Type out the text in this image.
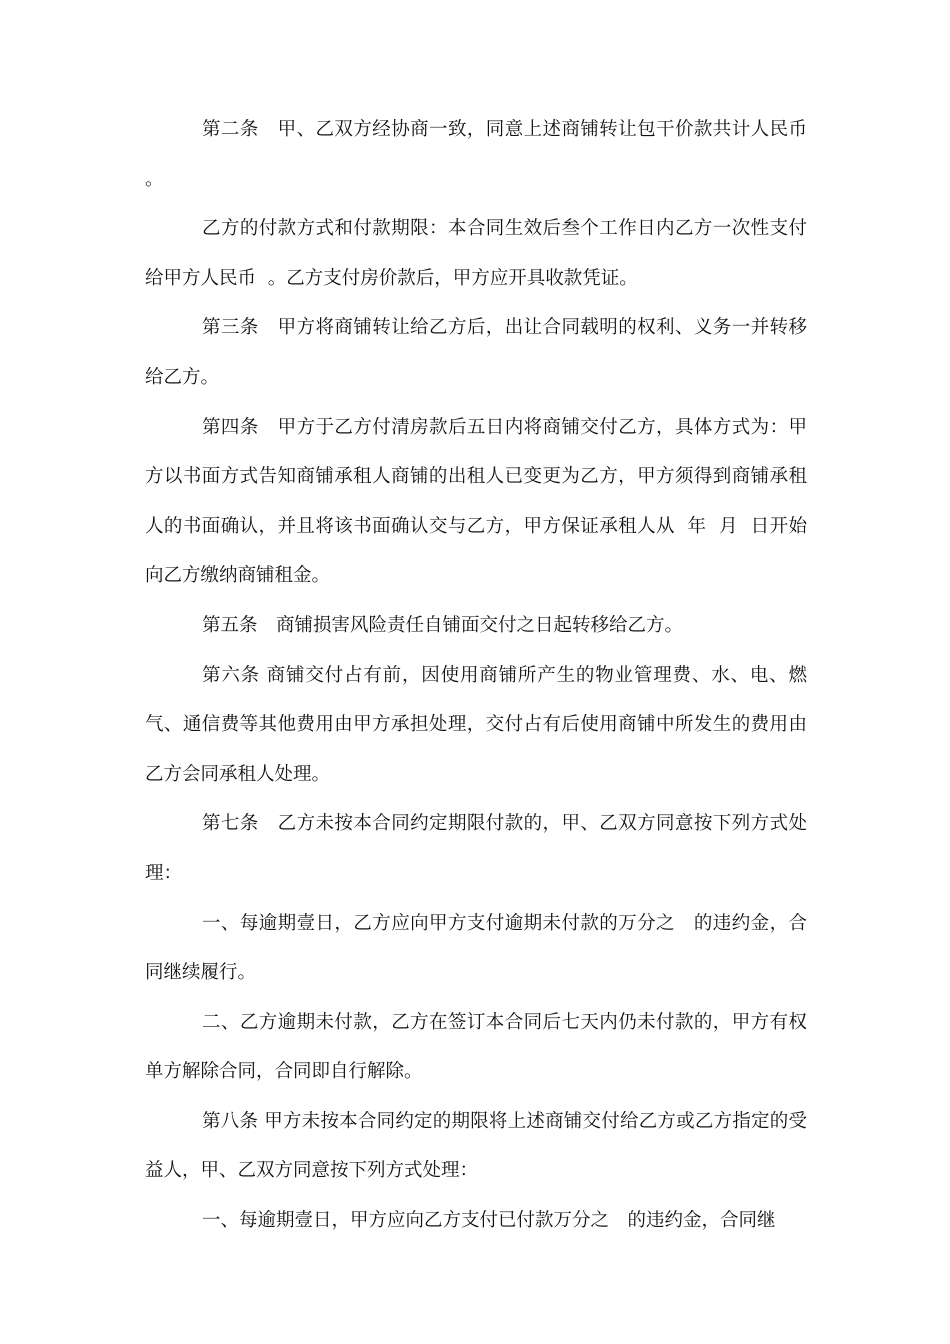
第二条　甲、乙双方经协商一致，同意上述商铺转让包干价款共计人民币  。

乙方的付款方式和付款期限：本合同生效后叁个工作日内乙方一次性支付给甲方人民币  。乙方支付房价款后，甲方应开具收款凭证。

第三条　甲方将商铺转让给乙方后，出让合同载明的权利、义务一并转移给乙方。

第四条　甲方于乙方付清房款后五日内将商铺交付乙方，具体方式为：甲方以书面方式告知商铺承租人商铺的出租人已变更为乙方，甲方须得到商铺承租人的书面确认，并且将该书面确认交与乙方，甲方保证承租人从  年  月  日开始向乙方缴纳商铺租金。

第五条　商铺损害风险责任自铺面交付之日起转移给乙方。

第六条 商铺交付占有前，因使用商铺所产生的物业管理费、水、电、燃气、通信费等其他费用由甲方承担处理，交付占有后使用商铺中所发生的费用由乙方会同承租人处理。

第七条　乙方未按本合同约定期限付款的，甲、乙双方同意按下列方式处理：

一、每逾期壹日，乙方应向甲方支付逾期未付款的万分之　的违约金，合同继续履行。

二、乙方逾期未付款，乙方在签订本合同后七天内仍未付款的，甲方有权单方解除合同，合同即自行解除。

第八条 甲方未按本合同约定的期限将上述商铺交付给乙方或乙方指定的受益人，甲、乙双方同意按下列方式处理：

一、每逾期壹日，甲方应向乙方支付已付款万分之　的违约金，合同继
